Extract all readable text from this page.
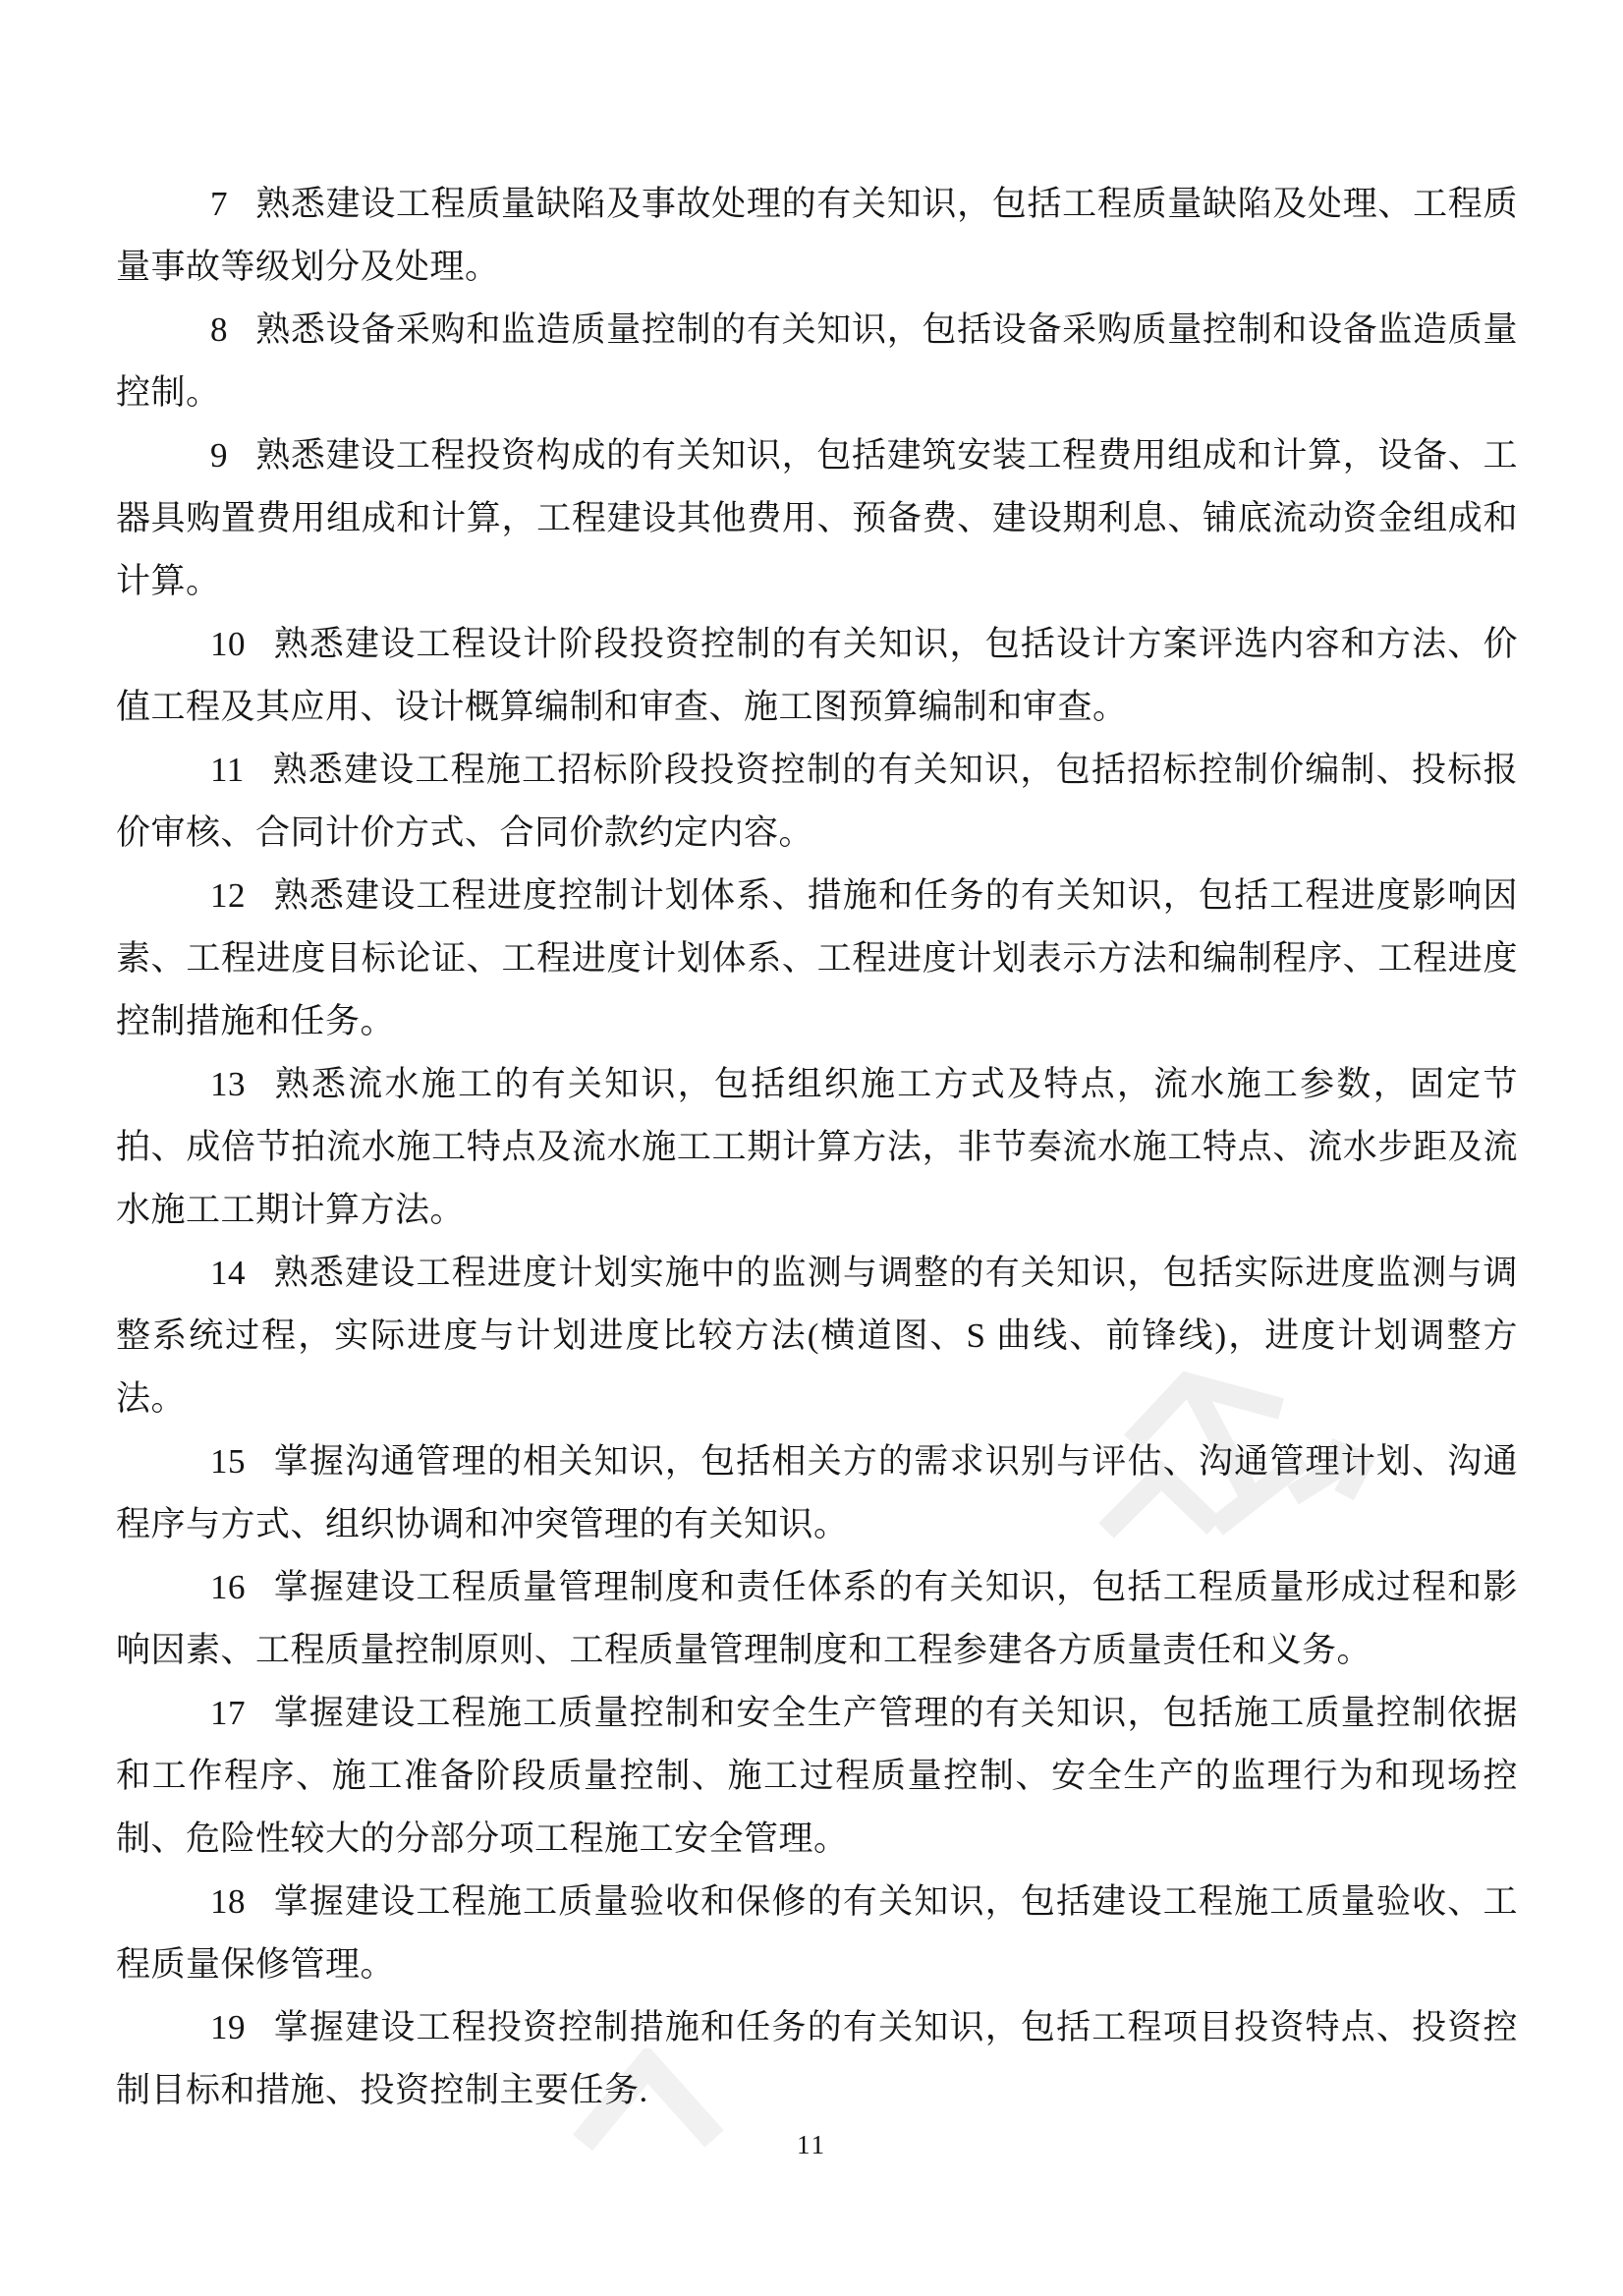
7 熟悉建设工程质量缺陷及事故处理的有关知识，包括工程质量缺陷及处理、工程质量事故等级划分及处理。

8 熟悉设备采购和监造质量控制的有关知识，包括设备采购质量控制和设备监造质量控制。

9 熟悉建设工程投资构成的有关知识，包括建筑安装工程费用组成和计算，设备、工器具购置费用组成和计算，工程建设其他费用、预备费、建设期利息、铺底流动资金组成和计算。

10 熟悉建设工程设计阶段投资控制的有关知识，包括设计方案评选内容和方法、价值工程及其应用、设计概算编制和审查、施工图预算编制和审查。

11 熟悉建设工程施工招标阶段投资控制的有关知识，包括招标控制价编制、投标报价审核、合同计价方式、合同价款约定内容。

12 熟悉建设工程进度控制计划体系、措施和任务的有关知识，包括工程进度影响因素、工程进度目标论证、工程进度计划体系、工程进度计划表示方法和编制程序、工程进度控制措施和任务。

13 熟悉流水施工的有关知识，包括组织施工方式及特点，流水施工参数，固定节拍、成倍节拍流水施工特点及流水施工工期计算方法，非节奏流水施工特点、流水步距及流水施工工期计算方法。

14 熟悉建设工程进度计划实施中的监测与调整的有关知识，包括实际进度监测与调整系统过程，实际进度与计划进度比较方法(横道图、S 曲线、前锋线)，进度计划调整方法。

15 掌握沟通管理的相关知识，包括相关方的需求识别与评估、沟通管理计划、沟通程序与方式、组织协调和冲突管理的有关知识。

16 掌握建设工程质量管理制度和责任体系的有关知识，包括工程质量形成过程和影响因素、工程质量控制原则、工程质量管理制度和工程参建各方质量责任和义务。

17 掌握建设工程施工质量控制和安全生产管理的有关知识，包括施工质量控制依据和工作程序、施工准备阶段质量控制、施工过程质量控制、安全生产的监理行为和现场控制、危险性较大的分部分项工程施工安全管理。

18 掌握建设工程施工质量验收和保修的有关知识，包括建设工程施工质量验收、工程质量保修管理。

19 掌握建设工程投资控制措施和任务的有关知识，包括工程项目投资特点、投资控制目标和措施、投资控制主要任务.

11
